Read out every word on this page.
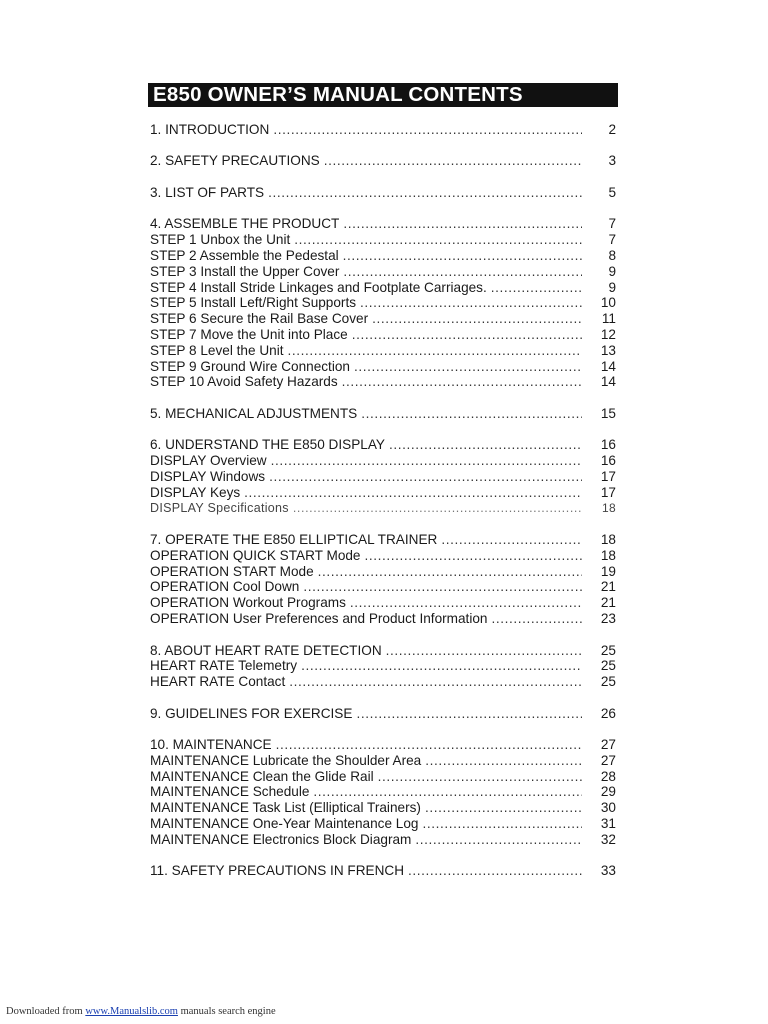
E850 OWNER’S MANUAL CONTENTS
1. INTRODUCTION .....	2
2. SAFETY PRECAUTIONS .....	3
3. LIST OF PARTS .....	5
4. ASSEMBLE THE PRODUCT .....	7
STEP 1 Unbox the Unit .....	7
STEP 2 Assemble the Pedestal .....	8
STEP 3 Install the Upper Cover .....	9
STEP 4 Install Stride Linkages and Footplate Carriages. .....	9
STEP 5 Install Left/Right Supports .....	10
STEP 6 Secure the Rail Base Cover .....	11
STEP 7 Move the Unit into Place .....	12
STEP 8 Level the Unit .....	13
STEP 9 Ground Wire Connection .....	14
STEP 10 Avoid Safety Hazards .....	14
5. MECHANICAL ADJUSTMENTS .....	15
6. UNDERSTAND THE E850 DISPLAY .....	16
DISPLAY Overview .....	16
DISPLAY Windows .....	17
DISPLAY Keys .....	17
DISPLAY Specifications .....	18
7. OPERATE THE E850 ELLIPTICAL TRAINER .....	18
OPERATION QUICK START Mode .....	18
OPERATION START Mode .....	19
OPERATION Cool Down .....	21
OPERATION Workout Programs .....	21
OPERATION User Preferences and Product Information .....	23
8. ABOUT HEART RATE DETECTION .....	25
HEART RATE Telemetry .....	25
HEART RATE Contact .....	25
9. GUIDELINES FOR EXERCISE .....	26
10. MAINTENANCE .....	27
MAINTENANCE Lubricate the Shoulder Area .....	27
MAINTENANCE Clean the Glide Rail .....	28
MAINTENANCE Schedule .....	29
MAINTENANCE Task List (Elliptical Trainers) .....	30
MAINTENANCE One-Year Maintenance Log .....	31
MAINTENANCE Electronics Block Diagram .....	32
11. SAFETY PRECAUTIONS IN FRENCH .....	33
Downloaded from www.Manualslib.com manuals search engine
